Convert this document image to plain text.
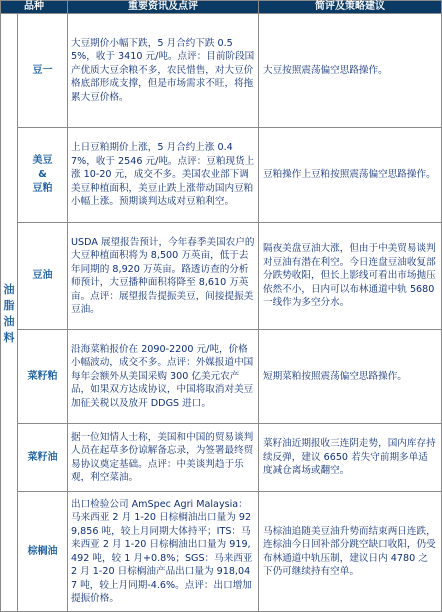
品种		重要资讯及点评	简评及策略建议

油
脂
油
料	豆一	大豆期价小幅下跌，5 月合约下跌 0.55%，收于 3410 元/吨。点评：目前阶段国产优质大豆余粮不多，农民惜售，对大豆价格底部形成支撑，但是市场需求不旺，将拖累大豆价格。	大豆按照震荡偏空思路操作。

	美豆
&
豆粕	上日豆粕期价上涨，5 月合约上涨 0.47%，收于 2546 元/吨。点评：豆粕现货上涨 10-20 元，成交不多。美国农业部下调美豆种植面积，美豆止跌上涨带动国内豆粕小幅上涨。预期谈判达成对豆粕利空。	豆粕操作上豆粕按照震荡偏空思路操作。

	豆油	USDA 展望报告预计，今年春季美国农户的大豆种植面积将为 8,500 万英亩，低于去年同期的 8,920 万英亩。路透访查的分析师预计，大豆播种面积将降至 8,610 万英亩。点评：展望报告提振美豆，间接提振美豆油。	隔夜美盘豆油大涨，但由于中美贸易谈判对豆油有潜在利空。今日连盘豆油收复部分跌势收阳，但长上影线可看出市场抛压依然不小，日内可以布林通道中轨 5680 一线作为多空分水。

	菜籽粕	沿海菜粕报价在 2090-2200 元/吨，价格小幅波动，成交不多。点评：外媒报道中国每年会额外从美国采购 300 亿美元农产品，如果双方达成协议，中国将取消对美豆加征关税以及放开 DDGS 进口。	短期菜粕按照震荡偏空思路操作。

	菜籽油	据一位知情人士称，美国和中国的贸易谈判人员在起草多份谅解备忘录，为签署最终贸易协议奠定基础。点评：中美谈判趋于乐观，利空菜油。	菜籽油近期报收三连阴走势，国内库存持续反弹，建议 6650 若失守前期多单适度减仓离场或翻空。

	棕榈油	出口检验公司 AmSpec Agri Malaysia：马来西亚 2 月 1-20 日棕榈油出口量为 929,856 吨，较上月同期大体持平；ITS：马来西亚 2 月 1-20 日棕榈油出口量为 919,492 吨，较 1 月+0.8%；SGS：马来西亚 2 月 1-20 日棕榈油产品出口量为 918,047 吨，较上月同期-4.6%。点评：出口增加提振价格。	马棕油追随美豆油升势而结束两日连跌，连棕油今日回补部分跳空缺口收阳，仍受布林通道中轨压制，建议日内 4780 之下仍可继续持有空单。
